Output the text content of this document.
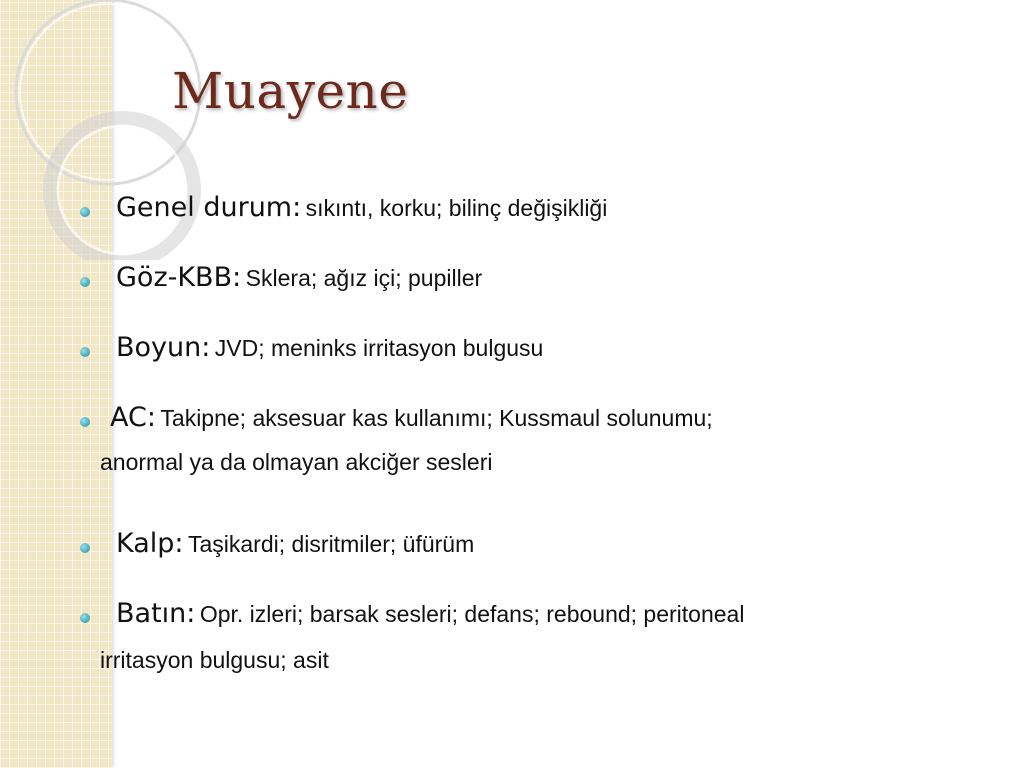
Muayene
Genel durum: sıkıntı, korku; bilinç değişikliği
Göz-KBB: Sklera; ağız içi; pupiller
Boyun: JVD; meninks irritasyon bulgusu
AC: Takipne; aksesuar kas kullanımı; Kussmaul solunumu;
anormal ya da olmayan akciğer sesleri
Kalp: Taşikardi; disritmiler; üfürüm
Batın: Opr. izleri; barsak sesleri; defans; rebound; peritoneal
irritasyon bulgusu; asit
